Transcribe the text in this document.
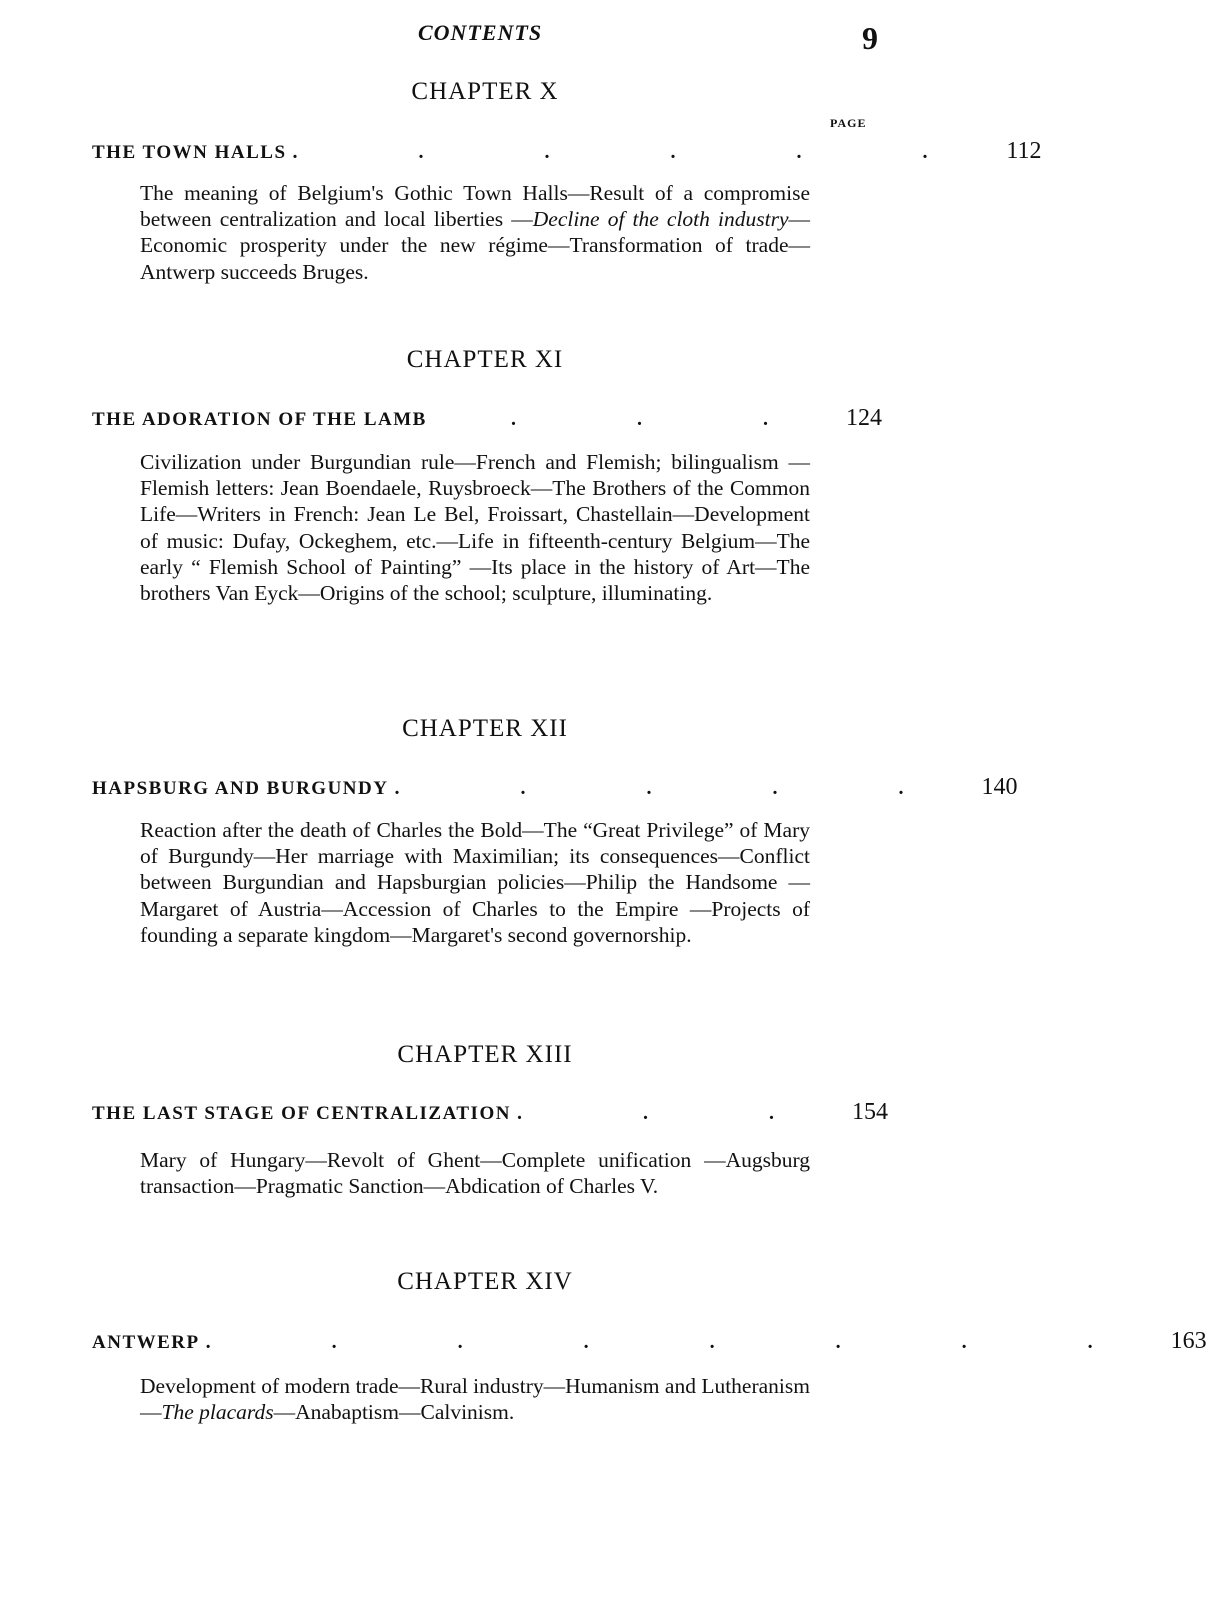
CONTENTS	9
PAGE
CHAPTER X
THE TOWN HALLS . . . . . . 112
The meaning of Belgium's Gothic Town Halls—Result of a compromise between centralization and local liberties —Decline of the cloth industry—Economic prosperity under the new régime—Transformation of trade—Antwerp succeeds Bruges.
CHAPTER XI
THE ADORATION OF THE LAMB	. . . 124
Civilization under Burgundian rule—French and Flemish; bilingualism — Flemish letters: Jean Boendaele, Ruysbroeck—The Brothers of the Common Life—Writers in French: Jean Le Bel, Froissart, Chastellain—Development of music: Dufay, Ockeghem, etc.—Life in fifteenth-century Belgium—The early “ Flemish School of Painting” —Its place in the history of Art—The brothers Van Eyck—Origins of the school; sculpture, illuminating.
CHAPTER XII
HAPSBURG AND BURGUNDY . . . . . 140
Reaction after the death of Charles the Bold—The “Great Privilege” of Mary of Burgundy—Her marriage with Maximilian; its consequences—Conflict between Burgundian and Hapsburgian policies—Philip the Handsome —Margaret of Austria—Accession of Charles to the Empire —Projects of founding a separate kingdom—Margaret's second governorship.
CHAPTER XIII
THE LAST STAGE OF CENTRALIZATION . . . 154
Mary of Hungary—Revolt of Ghent—Complete unification —Augsburg transaction—Pragmatic Sanction—Abdication of Charles V.
CHAPTER XIV
ANTWERP . . . . . . . . 163
Development of modern trade—Rural industry—Humanism and Lutheranism—The placards—Anabaptism—Calvinism.
